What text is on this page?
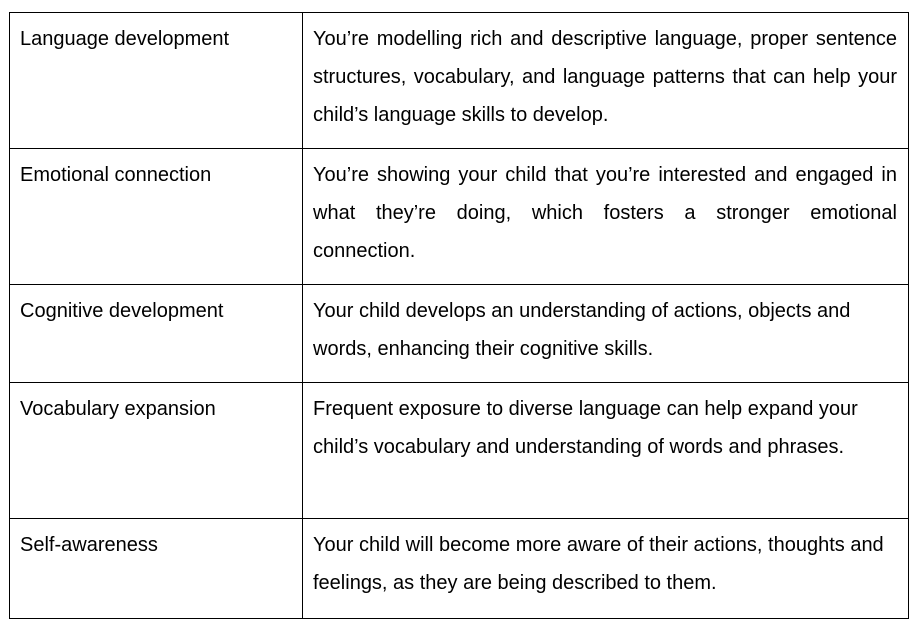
Language development	You’re modelling rich and descriptive language, proper sentence structures, vocabulary, and language patterns that can help your child’s language skills to develop.
Emotional connection	You’re showing your child that you’re interested and engaged in what they’re doing, which fosters a stronger emotional connection.
Cognitive development	Your child develops an understanding of actions, objects and words, enhancing their cognitive skills.
Vocabulary expansion	Frequent exposure to diverse language can help expand your child’s vocabulary and understanding of words and phrases.
Self-awareness	Your child will become more aware of their actions, thoughts and feelings, as they are being described to them.
